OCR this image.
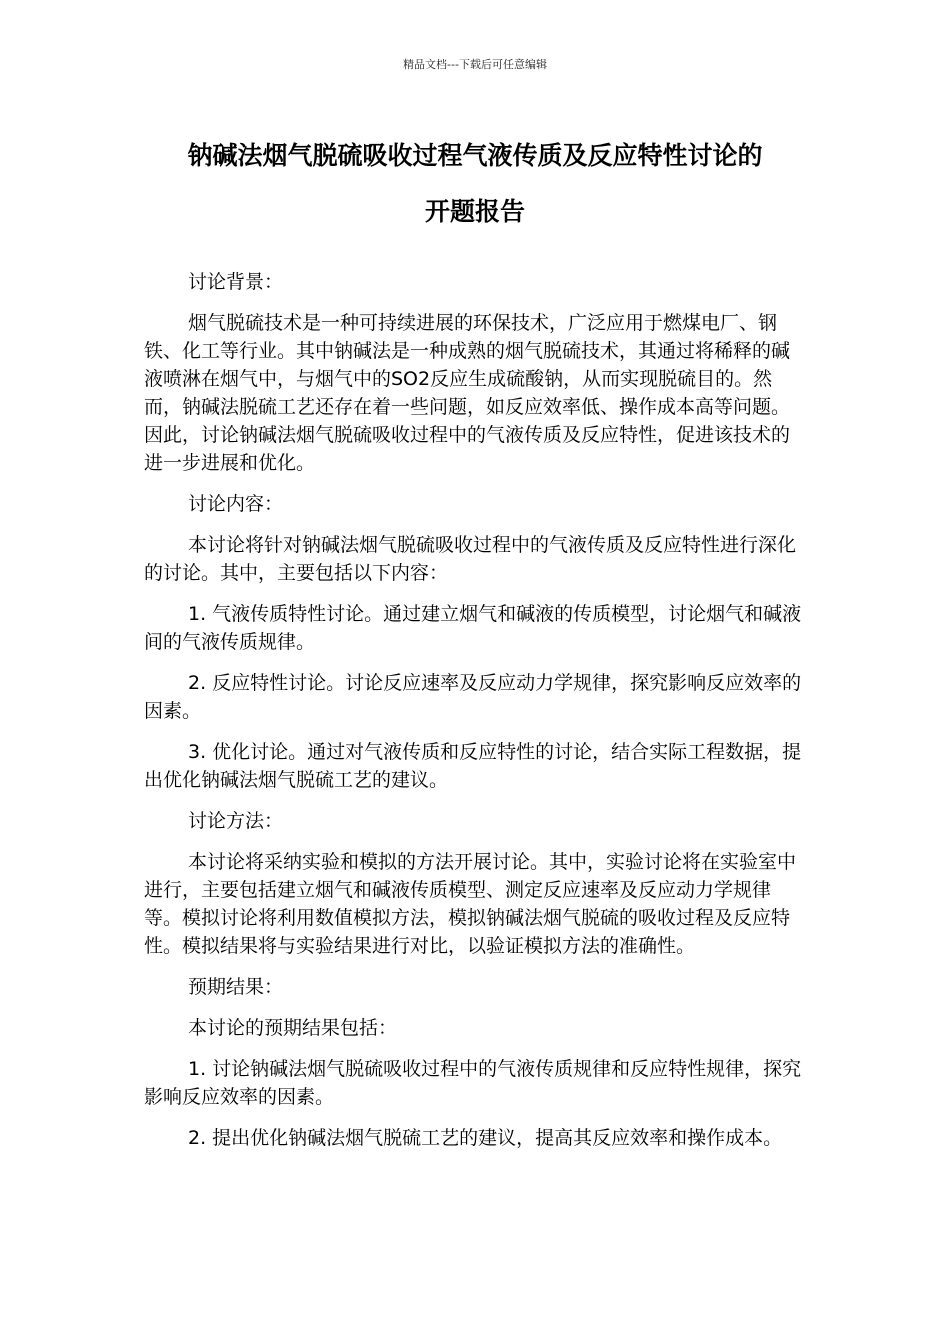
精品文档---下载后可任意编辑
钠碱法烟气脱硫吸收过程气液传质及反应特性讨论的
开题报告

讨论背景：

烟气脱硫技术是一种可持续进展的环保技术，广泛应用于燃煤电厂、钢铁、化工等行业。其中钠碱法是一种成熟的烟气脱硫技术，其通过将稀释的碱液喷淋在烟气中，与烟气中的SO2反应生成硫酸钠，从而实现脱硫目的。然而，钠碱法脱硫工艺还存在着一些问题，如反应效率低、操作成本高等问题。因此，讨论钠碱法烟气脱硫吸收过程中的气液传质及反应特性，促进该技术的进一步进展和优化。

讨论内容：

本讨论将针对钠碱法烟气脱硫吸收过程中的气液传质及反应特性进行深化的讨论。其中，主要包括以下内容：

1. 气液传质特性讨论。通过建立烟气和碱液的传质模型，讨论烟气和碱液间的气液传质规律。

2. 反应特性讨论。讨论反应速率及反应动力学规律，探究影响反应效率的因素。

3. 优化讨论。通过对气液传质和反应特性的讨论，结合实际工程数据，提出优化钠碱法烟气脱硫工艺的建议。

讨论方法：

本讨论将采纳实验和模拟的方法开展讨论。其中，实验讨论将在实验室中进行，主要包括建立烟气和碱液传质模型、测定反应速率及反应动力学规律等。模拟讨论将利用数值模拟方法，模拟钠碱法烟气脱硫的吸收过程及反应特性。模拟结果将与实验结果进行对比，以验证模拟方法的准确性。

预期结果：

本讨论的预期结果包括：

1. 讨论钠碱法烟气脱硫吸收过程中的气液传质规律和反应特性规律，探究影响反应效率的因素。

2. 提出优化钠碱法烟气脱硫工艺的建议，提高其反应效率和操作成本。
